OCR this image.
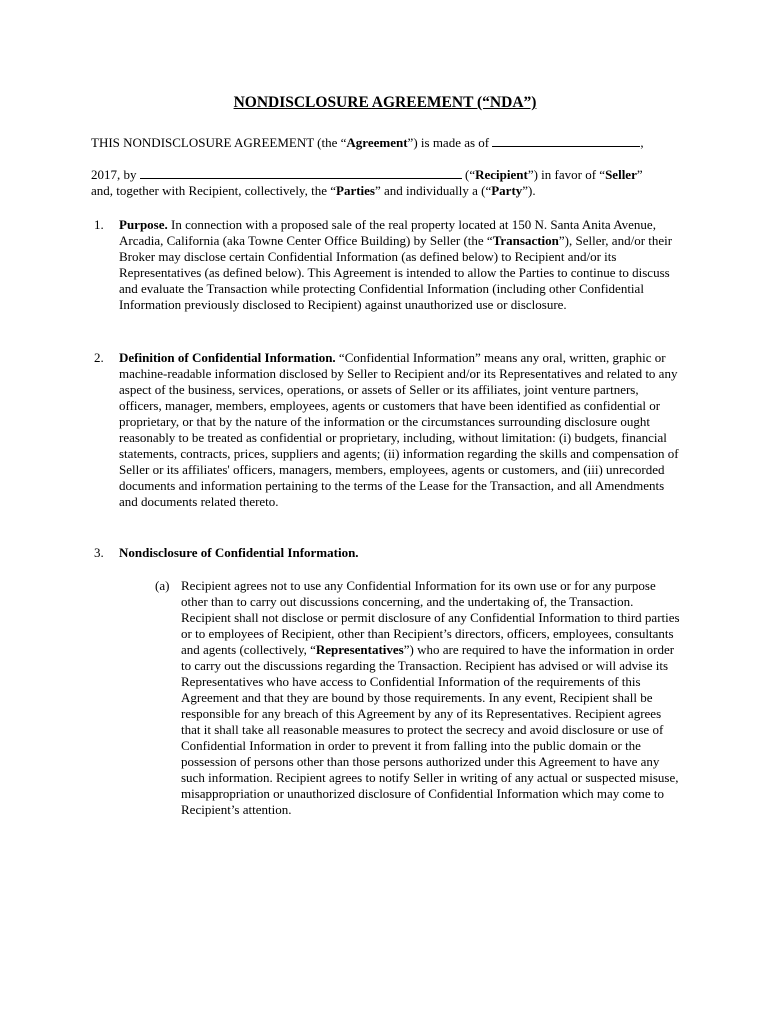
NONDISCLOSURE AGREEMENT (“NDA”)
THIS NONDISCLOSURE AGREEMENT (the “Agreement”) is made as of	,
2017, by	(“Recipient”) in favor of “Seller”
and, together with Recipient, collectively, the “Parties” and individually a (“Party”).
1. Purpose. In connection with a proposed sale of the real property located at 150 N. Santa Anita Avenue, Arcadia, California (aka Towne Center Office Building) by Seller (the “Transaction”), Seller, and/or their Broker may disclose certain Confidential Information (as defined below) to Recipient and/or its Representatives (as defined below). This Agreement is intended to allow the Parties to continue to discuss and evaluate the Transaction while protecting Confidential Information (including other Confidential Information previously disclosed to Recipient) against unauthorized use or disclosure.
2. Definition of Confidential Information. “Confidential Information” means any oral, written, graphic or machine-readable information disclosed by Seller to Recipient and/or its Representatives and related to any aspect of the business, services, operations, or assets of Seller or its affiliates, joint venture partners, officers, manager, members, employees, agents or customers that have been identified as confidential or proprietary, or that by the nature of the information or the circumstances surrounding disclosure ought reasonably to be treated as confidential or proprietary, including, without limitation: (i) budgets, financial statements, contracts, prices, suppliers and agents; (ii) information regarding the skills and compensation of Seller or its affiliates' officers, managers, members, employees, agents or customers, and (iii) unrecorded documents and information pertaining to the terms of the Lease for the Transaction, and all Amendments and documents related thereto.
3. Nondisclosure of Confidential Information.
(a) Recipient agrees not to use any Confidential Information for its own use or for any purpose other than to carry out discussions concerning, and the undertaking of, the Transaction. Recipient shall not disclose or permit disclosure of any Confidential Information to third parties or to employees of Recipient, other than Recipient’s directors, officers, employees, consultants and agents (collectively, “Representatives”) who are required to have the information in order to carry out the discussions regarding the Transaction. Recipient has advised or will advise its Representatives who have access to Confidential Information of the requirements of this Agreement and that they are bound by those requirements. In any event, Recipient shall be responsible for any breach of this Agreement by any of its Representatives. Recipient agrees that it shall take all reasonable measures to protect the secrecy and avoid disclosure or use of Confidential Information in order to prevent it from falling into the public domain or the possession of persons other than those persons authorized under this Agreement to have any such information. Recipient agrees to notify Seller in writing of any actual or suspected misuse, misappropriation or unauthorized disclosure of Confidential Information which may come to Recipient’s attention.
